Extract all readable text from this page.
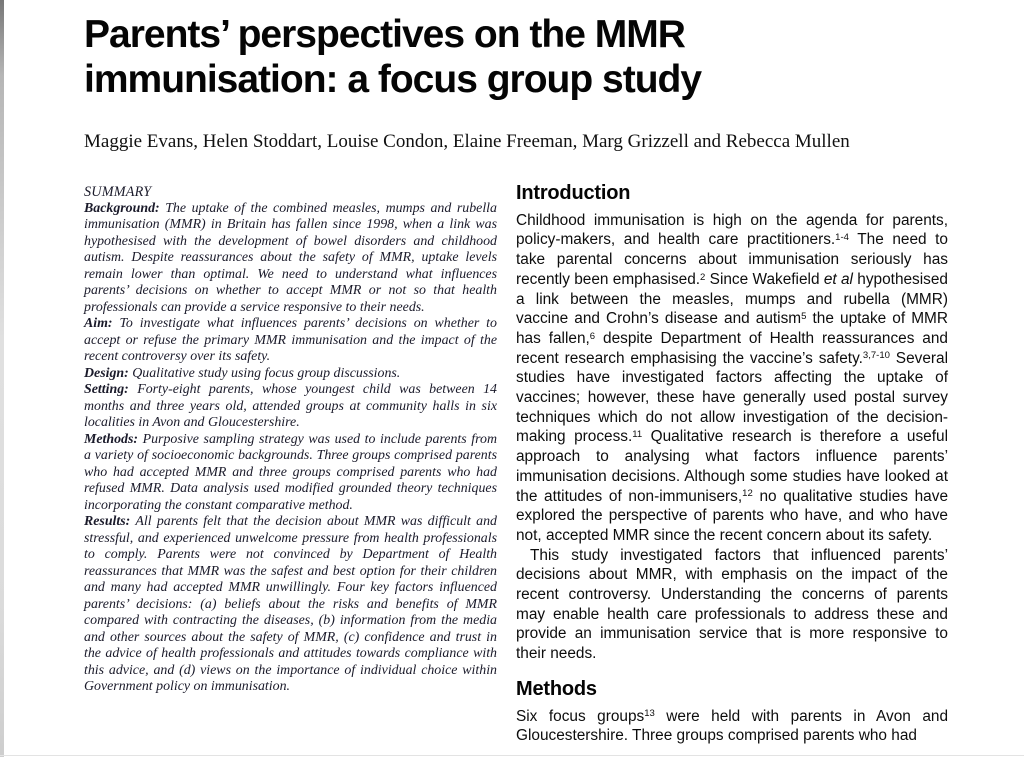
Parents’ perspectives on the MMR
immunisation: a focus group study
Maggie Evans, Helen Stoddart, Louise Condon, Elaine Freeman, Marg Grizzell and Rebecca Mullen
SUMMARY

Background: The uptake of the combined measles, mumps and rubella immunisation (MMR) in Britain has fallen since 1998, when a link was hypothesised with the development of bowel disorders and childhood autism. Despite reassurances about the safety of MMR, uptake levels remain lower than optimal. We need to understand what influences parents’ decisions on whether to accept MMR or not so that health professionals can provide a service responsive to their needs.

Aim: To investigate what influences parents’ decisions on whether to accept or refuse the primary MMR immunisation and the impact of the recent controversy over its safety.

Design: Qualitative study using focus group discussions.

Setting: Forty-eight parents, whose youngest child was between 14 months and three years old, attended groups at community halls in six localities in Avon and Gloucestershire.

Methods: Purposive sampling strategy was used to include parents from a variety of socioeconomic backgrounds. Three groups comprised parents who had accepted MMR and three groups comprised parents who had refused MMR. Data analysis used modified grounded theory techniques incorporating the constant comparative method.

Results: All parents felt that the decision about MMR was difficult and stressful, and experienced unwelcome pressure from health professionals to comply. Parents were not convinced by Department of Health reassurances that MMR was the safest and best option for their children and many had accepted MMR unwillingly. Four key factors influenced parents’ decisions: (a) beliefs about the risks and benefits of MMR compared with contracting the diseases, (b) information from the media and other sources about the safety of MMR, (c) confidence and trust in the advice of health professionals and attitudes towards compliance with this advice, and (d) views on the importance of individual choice within Government policy on immunisation.

Introduction

Childhood immunisation is high on the agenda for parents, policy-makers, and health care practitioners.$^{1-4}$ The need to take parental concerns about immunisation seriously has recently been emphasised.$^2$ Since Wakefield et al hypothesised a link between the measles, mumps and rubella (MMR) vaccine and Crohn’s disease and autism$^5$ the uptake of MMR has fallen,$^6$ despite Department of Health reassurances and recent research emphasising the vaccine’s safety.$^{3,7-10}$ Several studies have investigated factors affecting the uptake of vaccines; however, these have generally used postal survey techniques which do not allow investigation of the decision-making process.$^{11}$ Qualitative research is therefore a useful approach to analysing what factors influence parents’ immunisation decisions. Although some studies have looked at the attitudes of non-immunisers,$^{12}$ no qualitative studies have explored the perspective of parents who have, and who have not, accepted MMR since the recent concern about its safety.

This study investigated factors that influenced parents’ decisions about MMR, with emphasis on the impact of the recent controversy. Understanding the concerns of parents may enable health care professionals to address these and provide an immunisation service that is more responsive to their needs.

Methods

Six focus groups$^{13}$ were held with parents in Avon and Gloucestershire. Three groups comprised parents who had
